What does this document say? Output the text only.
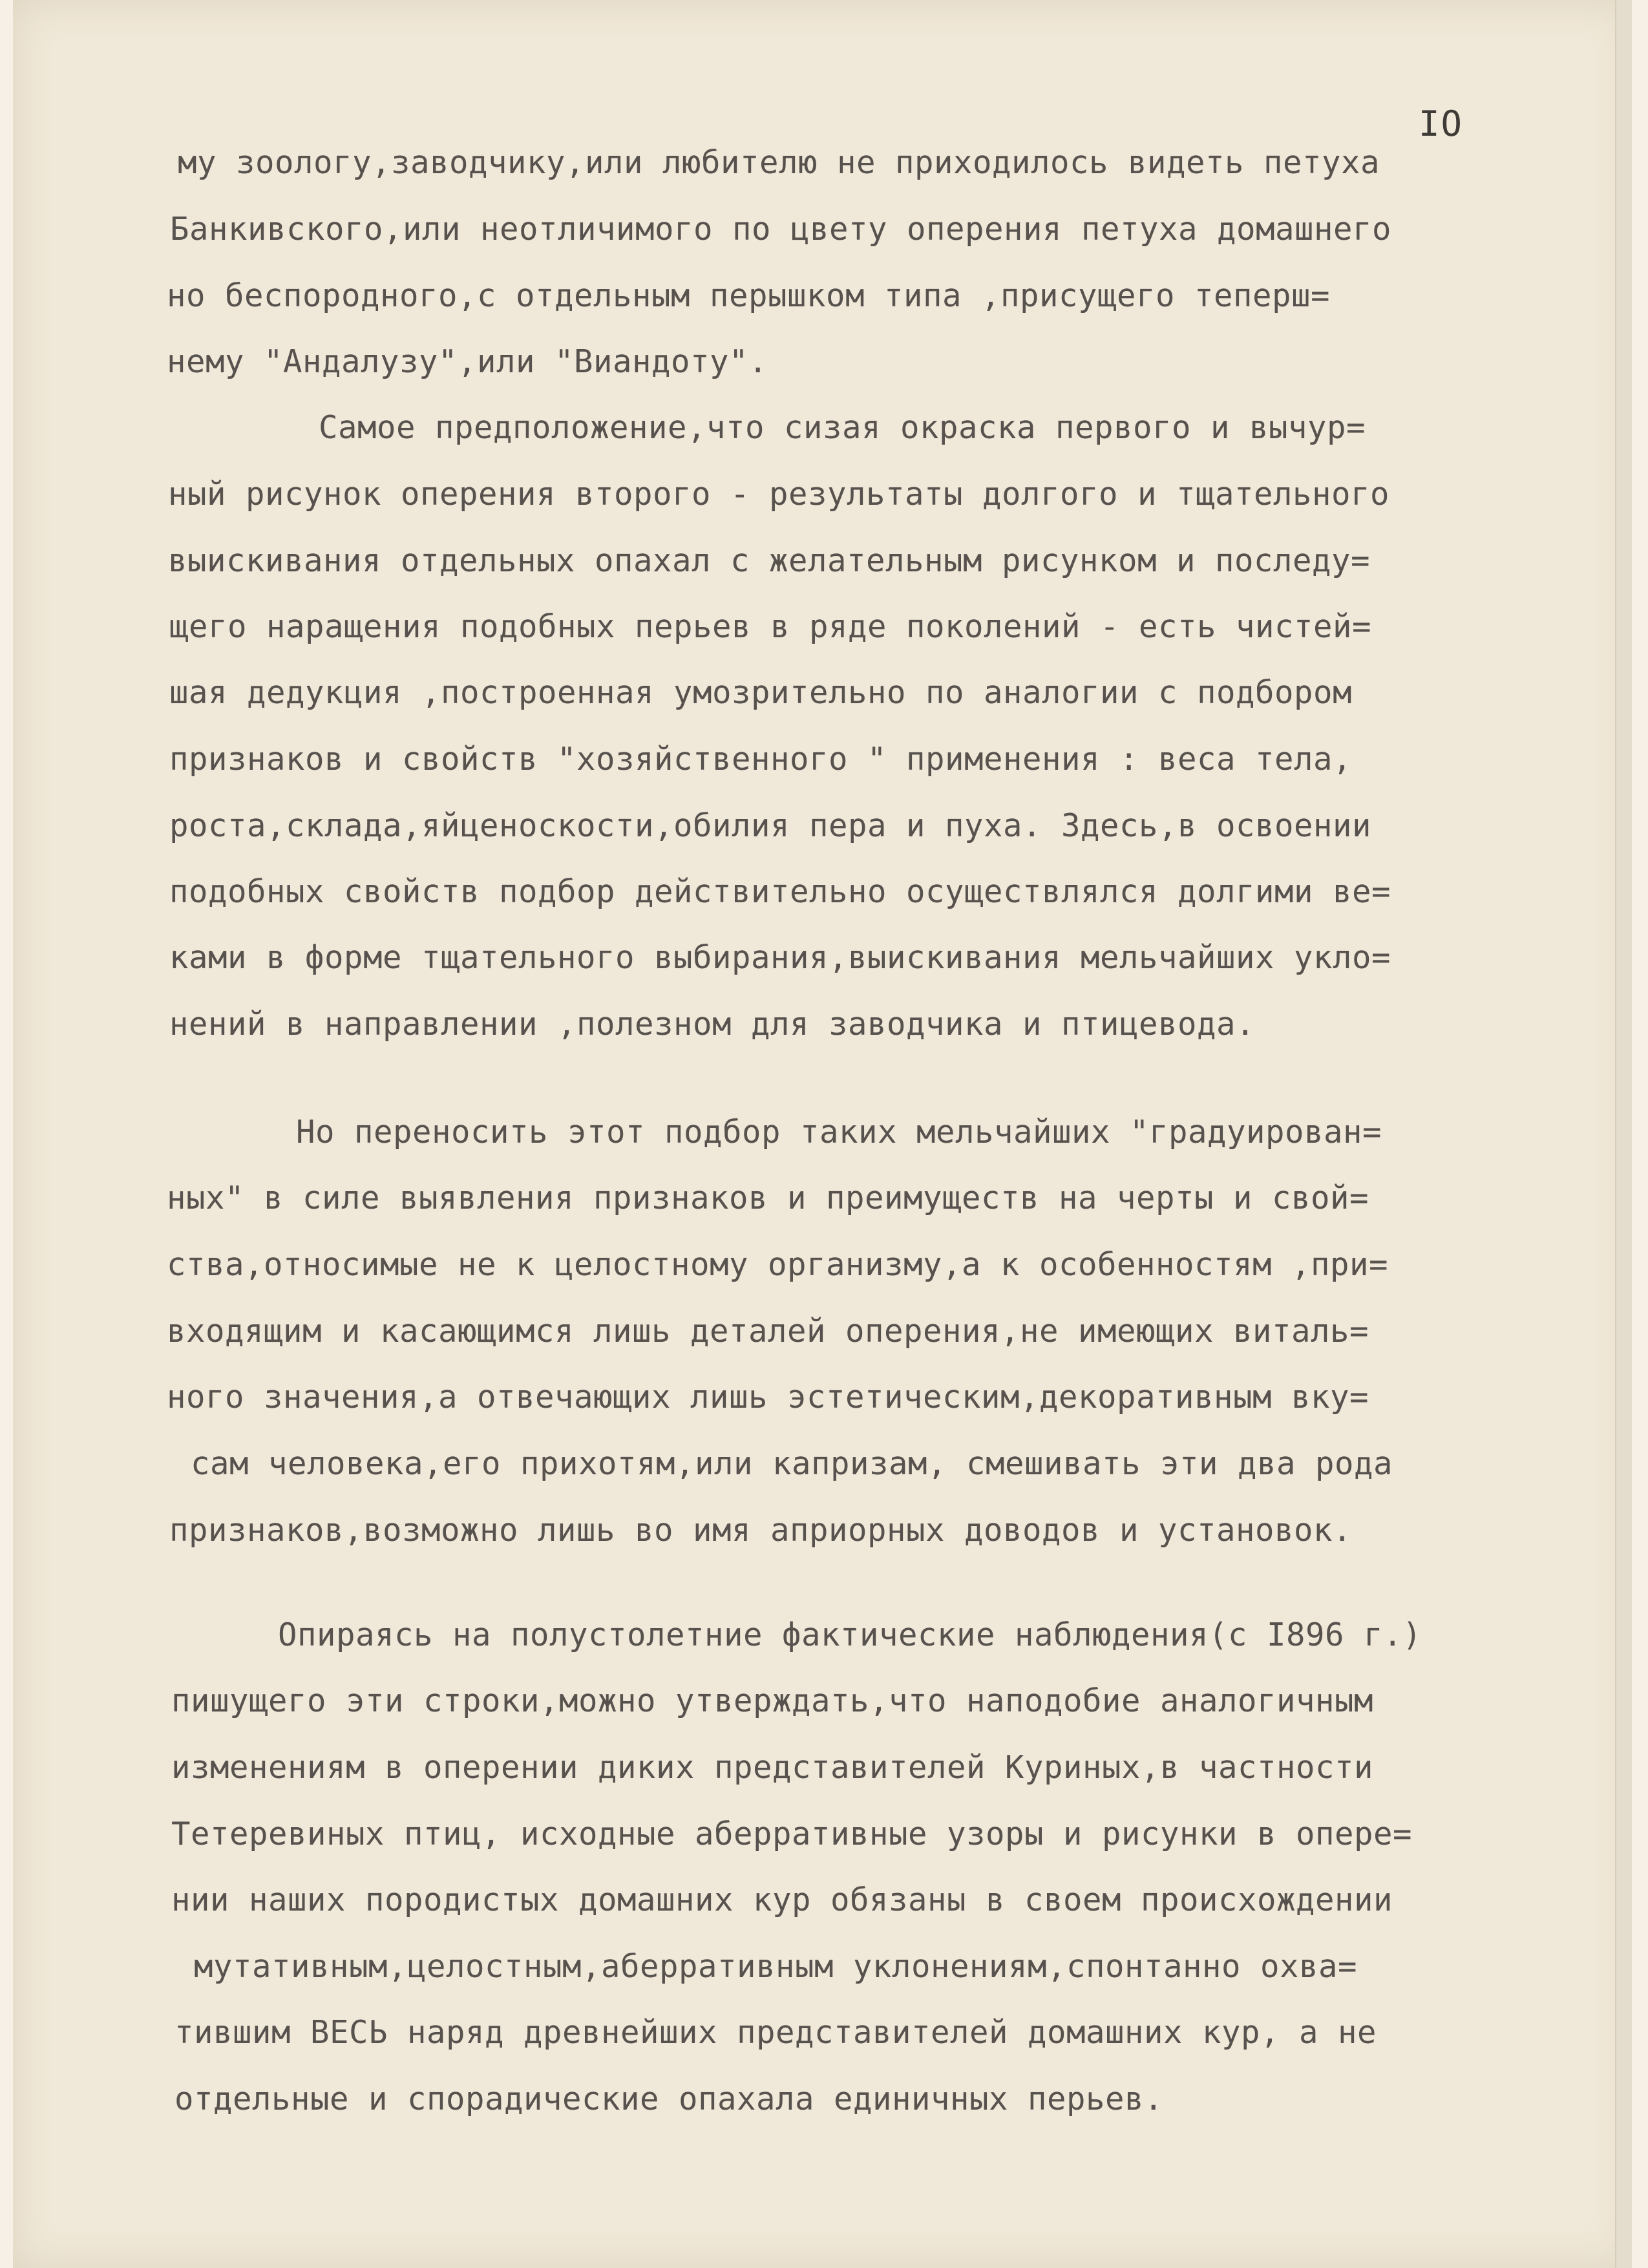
IO
му зоологу,заводчику,или любителю не приходилось видеть петуха
Банкивского,или неотличимого по цвету оперения петуха домашнего
но беспородного,с отдельным перышком типа ,присущего теперш=
нему "Андалузу",или "Виандоту".
Самое предположение,что сизая окраска первого и вычур=
ный рисунок оперения второго - результаты долгого и тщательного
выискивания отдельных опахал с желательным рисунком и последу=
щего наращения подобных перьев в ряде поколений - есть чистей=
шая дедукция ,построенная умозрительно по аналогии с подбором
признаков и свойств "хозяйственного " применения : веса тела,
роста,склада,яйценоскости,обилия пера и пуха. Здесь,в освоении
подобных свойств подбор действительно осуществлялся долгими ве=
ками в форме тщательного выбирания,выискивания мельчайших укло=
нений в направлении ,полезном для заводчика и птицевода.
Но переносить этот подбор таких мельчайших "градуирован=
ных" в силе выявления признаков и преимуществ на черты и свой=
ства,относимые не к целостному организму,а к особенностям ,при=
входящим и касающимся лишь деталей оперения,не имеющих виталь=
ного значения,а отвечающих лишь эстетическим,декоративным вку=
сам человека,его прихотям,или капризам, смешивать эти два рода
признаков,возможно лишь во имя априорных доводов и установок.
Опираясь на полустолетние фактические наблюдения(с I896 г.)
пишущего эти строки,можно утверждать,что наподобие аналогичным
изменениям в оперении диких представителей Куриных,в частности
Тетеревиных птиц, исходные аберративные узоры и рисунки в опере=
нии наших породистых домашних кур обязаны в своем происхождении
мутативным,целостным,аберративным уклонениям,спонтанно охва=
тившим ВЕСЬ наряд древнейших представителей домашних кур, а не
отдельные и спорадические опахала единичных перьев.
